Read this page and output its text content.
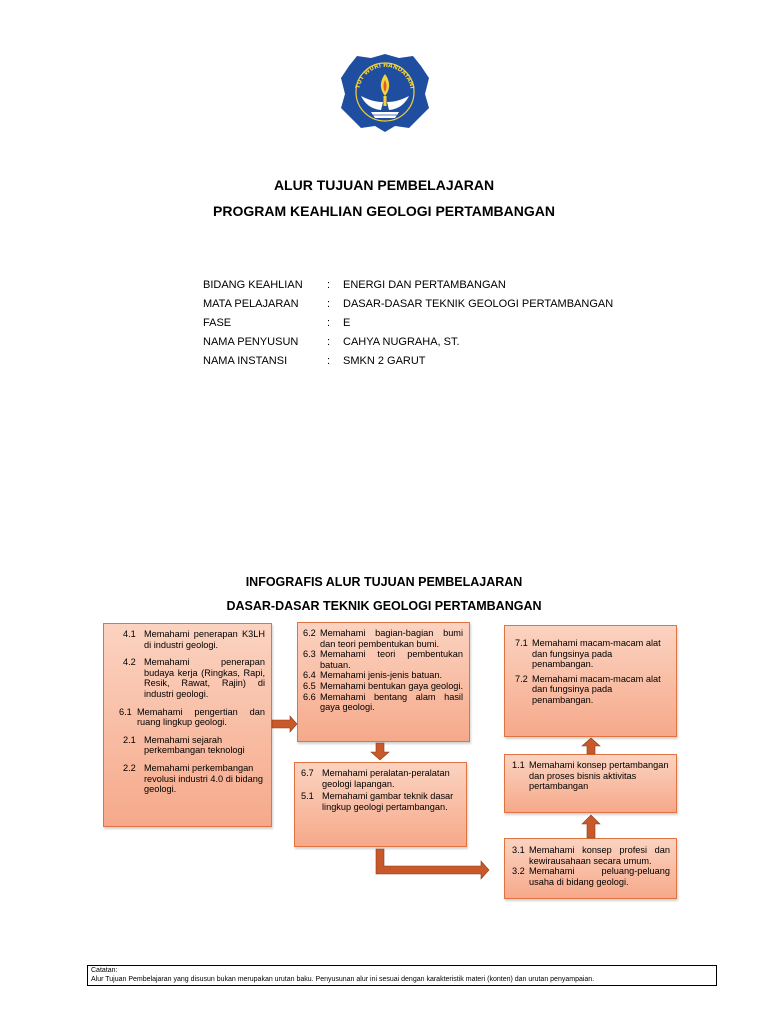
TUT WURI HANDAYANI
ALUR TUJUAN PEMBELAJARAN
PROGRAM KEAHLIAN GEOLOGI PERTAMBANGAN
BIDANG KEAHLIAN : ENERGI DAN PERTAMBANGAN
MATA PELAJARAN	: DASAR-DASAR TEKNIK GEOLOGI PERTAMBANGAN
FASE	: E
NAMA PENYUSUN	: CAHYA NUGRAHA, ST.
NAMA INSTANSI	: SMKN 2 GARUT
INFOGRAFIS ALUR TUJUAN PEMBELAJARAN
DASAR-DASAR TEKNIK GEOLOGI PERTAMBANGAN
4.1 Memahami penerapan K3LH di industri geologi.
4.2 Memahami penerapan budaya kerja (Ringkas, Rapi, Resik, Rawat, Rajin) di industri geologi.
6.1 Memahami pengertian dan ruang lingkup geologi.
2.1 Memahami sejarah perkembangan teknologi
2.2 Memahami perkembangan revolusi industri 4.0 di bidang geologi.
6.2 Memahami bagian-bagian bumi dan teori pembentukan bumi.
6.3 Memahami teori pembentukan batuan.
6.4 Memahami jenis-jenis batuan.
6.5 Memahami bentukan gaya geologi.
6.6 Memahami bentang alam hasil gaya geologi.
6.7 Memahami peralatan-peralatan geologi lapangan.
5.1 Memahami gambar teknik dasar lingkup geologi pertambangan.
3.1 Memahami konsep profesi dan kewirausahaan secara umum.
3.2 Memahami peluang-peluang usaha di bidang geologi.
1.1 Memahami konsep pertambangan dan proses bisnis aktivitas pertambangan
7.1 Memahami macam-macam alat dan fungsinya pada penambangan.
7.2 Memahami macam-macam alat dan fungsinya pada penambangan.
Catatan:
Alur Tujuan Pembelajaran yang disusun bukan merupakan urutan baku. Penyusunan alur ini sesuai dengan karakteristik materi (konten) dan urutan penyampaian.
